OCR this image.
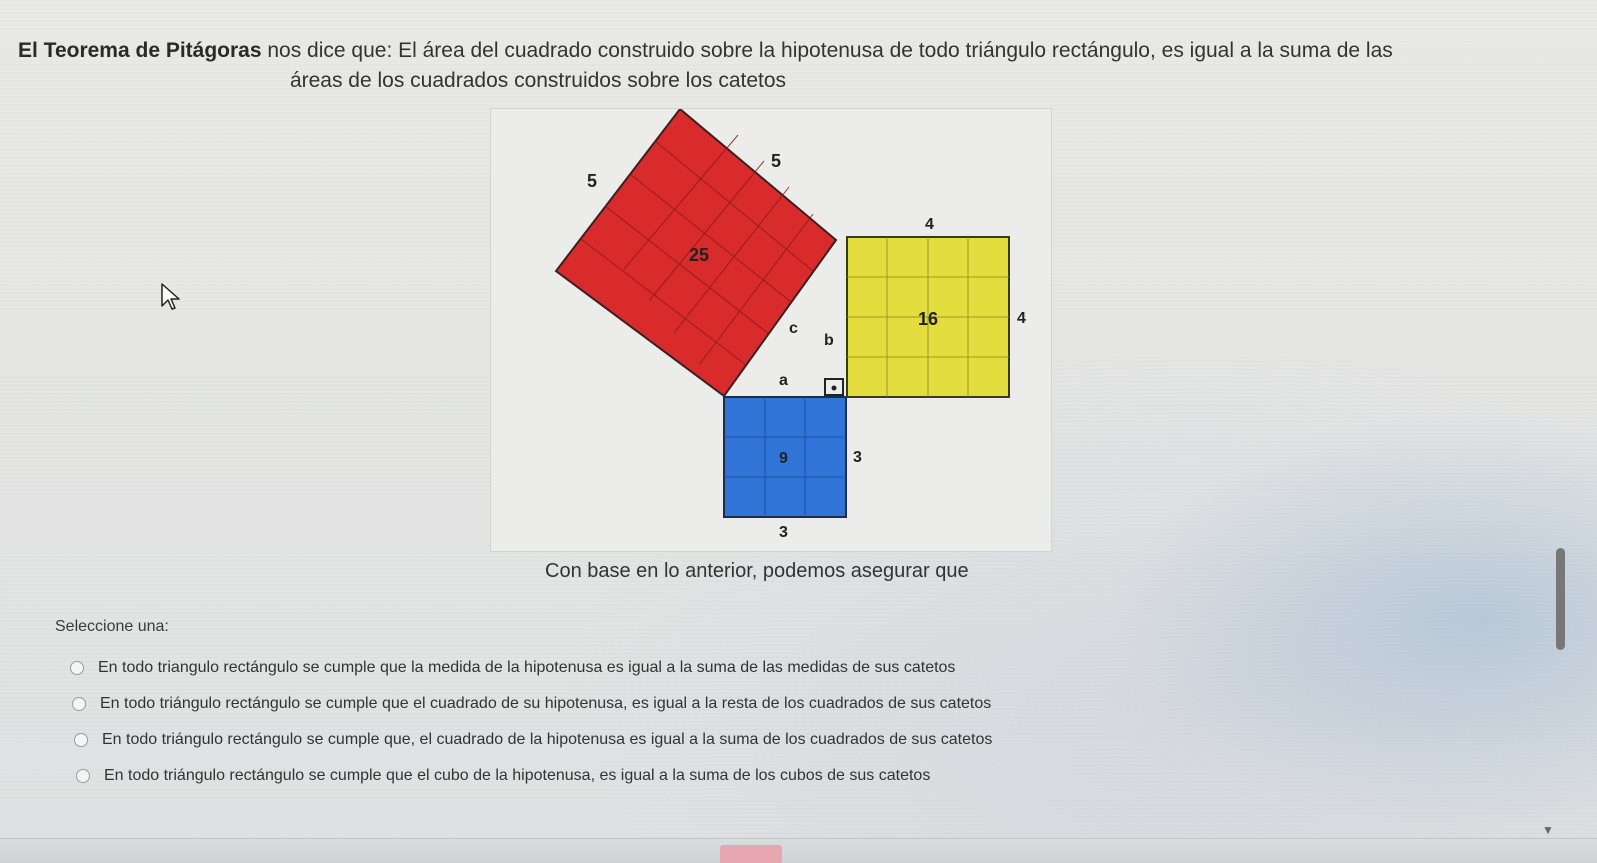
El Teorema de Pitágoras nos dice que: El área del cuadrado construido sobre la hipotenusa de todo triángulo rectángulo, es igual a la suma de las
áreas de los cuadrados construidos sobre los catetos
5
5
25
4
4
16
3
3
9
c
b
a
Con base en lo anterior, podemos asegurar que
Seleccione una:
En todo triangulo rectángulo se cumple que la medida de la hipotenusa es igual a la suma de las medidas de sus catetos
En todo triángulo rectángulo se cumple que el cuadrado de su hipotenusa, es igual a la resta de los cuadrados de sus catetos
En todo triángulo rectángulo se cumple que, el cuadrado de la hipotenusa es igual a la suma de los cuadrados de sus catetos
En todo triángulo rectángulo se cumple que el cubo de la hipotenusa, es igual a la suma de los cubos de sus catetos
▼
